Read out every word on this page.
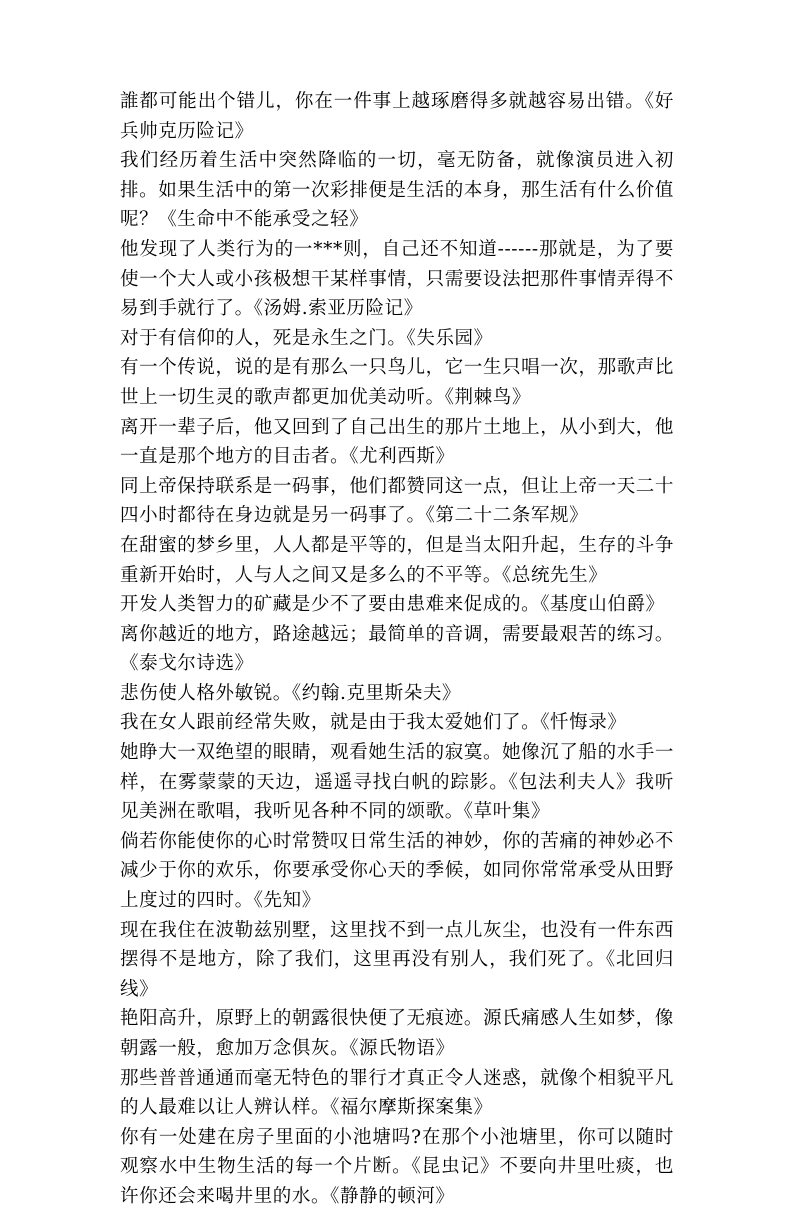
誰都可能出个错儿，你在一件事上越琢磨得多就越容易出错。《好兵帅克历险记》

我们经历着生活中突然降临的一切，毫无防备，就像演员进入初排。如果生活中的第一次彩排便是生活的本身，那生活有什么价值呢？《生命中不能承受之轻》

他发现了人类行为的一***则，自己还不知道------那就是，为了要使一个大人或小孩极想干某样事情，只需要设法把那件事情弄得不易到手就行了。《汤姆.索亚历险记》

对于有信仰的人，死是永生之门。《失乐园》

有一个传说，说的是有那么一只鸟儿，它一生只唱一次，那歌声比世上一切生灵的歌声都更加优美动听。《荆棘鸟》

离开一辈子后，他又回到了自己出生的那片土地上，从小到大，他一直是那个地方的目击者。《尤利西斯》

同上帝保持联系是一码事，他们都赞同这一点，但让上帝一天二十四小时都待在身边就是另一码事了。《第二十二条军规》

在甜蜜的梦乡里，人人都是平等的，但是当太阳升起，生存的斗争重新开始时，人与人之间又是多么的不平等。《总统先生》

开发人类智力的矿藏是少不了要由患难来促成的。《基度山伯爵》

离你越近的地方，路途越远；最简单的音调，需要最艰苦的练习。《泰戈尔诗选》

悲伤使人格外敏锐。《约翰.克里斯朵夫》

我在女人跟前经常失败，就是由于我太爱她们了。《忏悔录》

她睁大一双绝望的眼睛，观看她生活的寂寞。她像沉了船的水手一样，在雾蒙蒙的天边，遥遥寻找白帆的踪影。《包法利夫人》我听见美洲在歌唱，我听见各种不同的颂歌。《草叶集》

倘若你能使你的心时常赞叹日常生活的神妙，你的苦痛的神妙必不减少于你的欢乐，你要承受你心天的季候，如同你常常承受从田野上度过的四时。《先知》

现在我住在波勒兹别墅，这里找不到一点儿灰尘，也没有一件东西摆得不是地方，除了我们，这里再没有别人，我们死了。《北回归线》

艳阳高升，原野上的朝露很快便了无痕迹。源氏痛感人生如梦，像朝露一般，愈加万念俱灰。《源氏物语》

那些普普通通而毫无特色的罪行才真正令人迷惑，就像个相貌平凡的人最难以让人辨认样。《福尔摩斯探案集》

你有一处建在房子里面的小池塘吗?在那个小池塘里，你可以随时观察水中生物生活的每一个片断。《昆虫记》不要向井里吐痰，也许你还会来喝井里的水。《静静的顿河》
